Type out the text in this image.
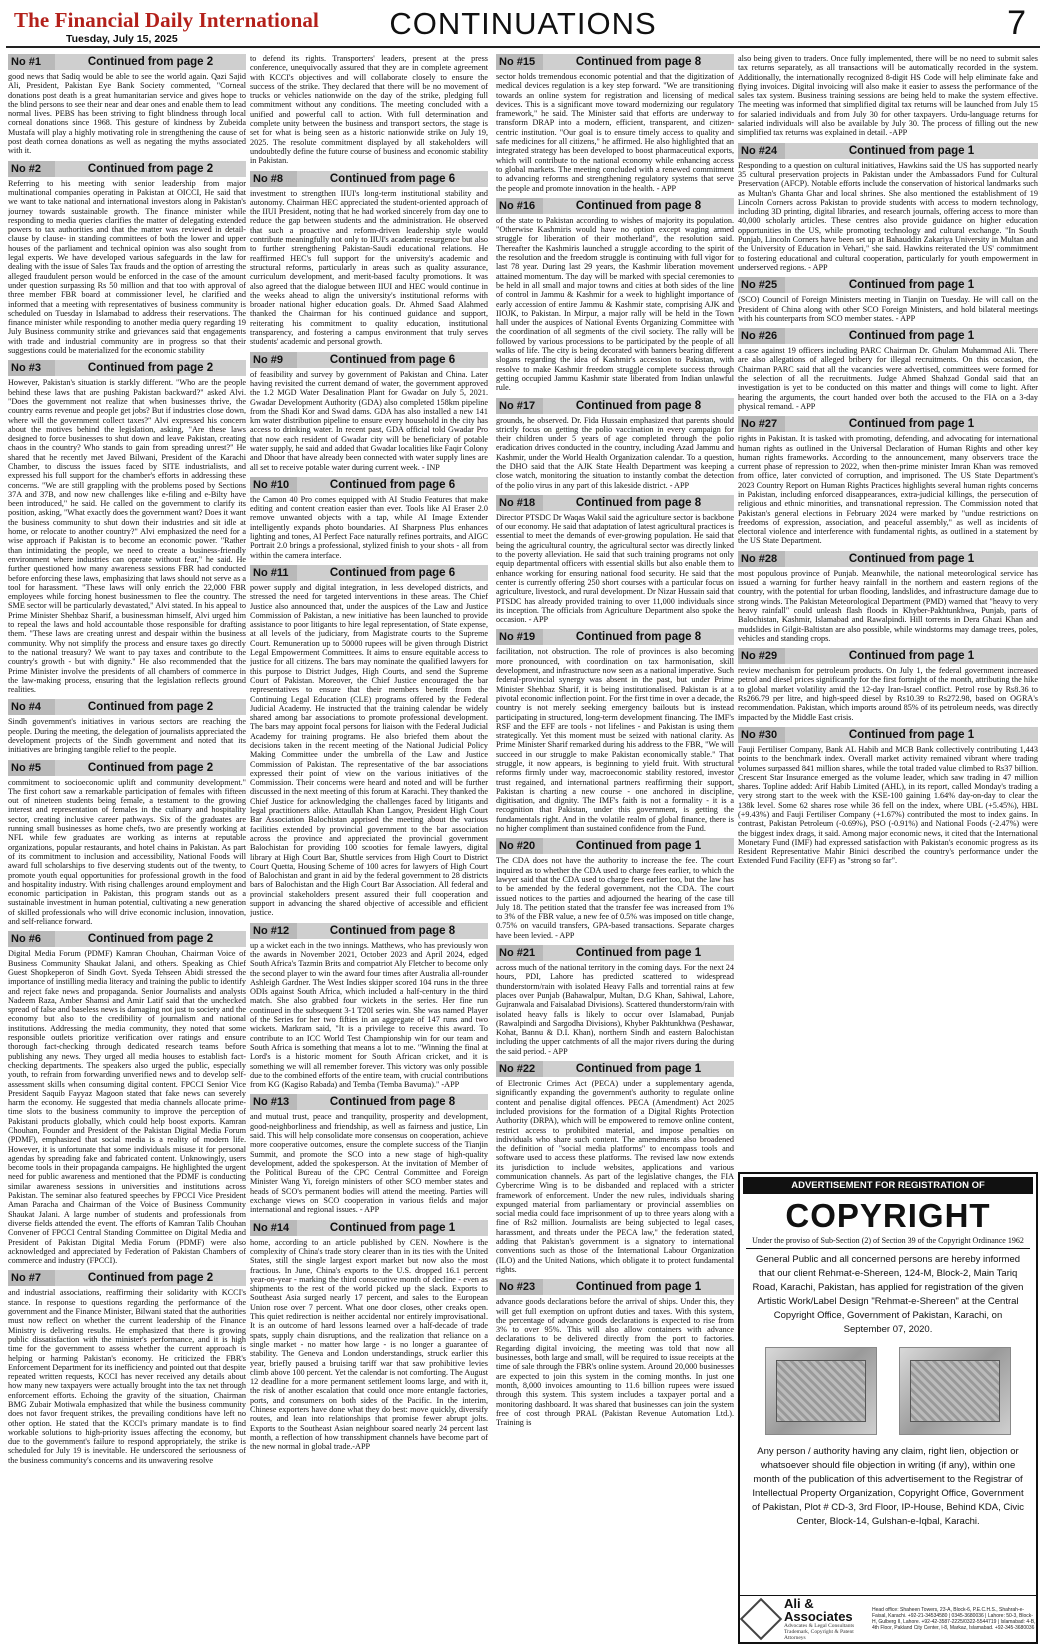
The Financial Daily International
Tuesday, July 15, 2025	CONTINUATIONS	7
No #1	Continued from page 2

good news that Sadiq would be able to see the world again. Qazi Sajid Ali, President, Pakistan Eye Bank Society commented, "Corneal donations post death is a great humanitarian service and gives hope to the blind persons to see their near and dear ones and enable them to lead normal lives. PEBS has been striving to fight blindness through local corneal donations since 1968. This gesture of kindness by Zubeida Mustafa will play a highly motivating role in strengthening the cause of post death cornea donations as well as negating the myths associated with it.

No #2	Continued from page 2

Referring to his meeting with senior leadership from major multinational companies operating in Pakistan at OICCI, He said that we want to take national and international investors along in Pakistan's journey towards sustainable growth. The finance minister while responding to media queries clarifies the matter of delegating extended powers to tax authorities and that the matter was reviewed in detail- clause by clause- in standing committees of both the lower and upper houses of the parliament and technical opinion was also sought from legal experts. We have developed various safeguards in the law for dealing with the issue of Sales Tax frauds and the option of arresting the alleged fraudulent person would be enforced in the case of the amount under question surpassing Rs 50 million and that too with approval of three member FBR board at commissioner level, he clarified and informed that a meeting with representatives of business community is scheduled on Tuesday in Islamabad to address their reservations. The finance minister while responding to another media query regarding 19 July Business community strike and grievances said that engagements with trade and industrial community are in progress so that their suggestions could be materialized for the economic stability

No #3	Continued from page 2

However, Pakistan's situation is starkly different. "Who are the people behind these laws that are pushing Pakistan backward?" asked Alvi. "Does the government not realize that when businesses thrive, the country earns revenue and people get jobs? But if industries close down, where will the government collect taxes?" Alvi expressed his concern about the motives behind the legislation, asking, "Are these laws designed to force businesses to shut down and leave Pakistan, creating chaos in the country? Who stands to gain from spreading unrest?" He shared that he recently met Javed Bilwani, President of the Karachi Chamber, to discuss the issues faced by SITE industrialists, and expressed his full support for the chamber's efforts in addressing these concerns. "We are still grappling with the problems posed by Sections 37A and 37B, and now new challenges like e-filing and e-Bilty have been introduced," he said. He called on the government to clarify its position, asking, "What exactly does the government want? Does it want the business community to shut down their industries and sit idle at home, or relocate to another country?" Alvi emphasized the need for a wise approach if Pakistan is to become an economic power. "Rather than intimidating the people, we need to create a business-friendly environment where industries can operate without fear," he said. He further questioned how many awareness sessions FBR had conducted before enforcing these laws, emphasizing that laws should not serve as a tool for harassment. "These laws will only enrich the 22,000 FBR employees while forcing honest businessmen to flee the country. The SME sector will be particularly devastated," Alvi stated. In his appeal to Prime Minister Shehbaz Sharif, a businessman himself, Alvi urged him to repeal the laws and hold accountable those responsible for drafting them. "These laws are creating unrest and despair within the business community. Why not simplify the process and ensure taxes go directly to the national treasury? We want to pay taxes and contribute to the country's growth - but with dignity." He also recommended that the Prime Minister involve the presidents of all chambers of commerce in the law-making process, ensuring that the legislation reflects ground realities.

No #4	Continued from page 2

Sindh government's initiatives in various sectors are reaching the people. During the meeting, the delegation of journalists appreciated the development projects of the Sindh government and noted that its initiatives are bringing tangible relief to the people.

No #5	Continued from page 2

commitment to socioeconomic uplift and community development." The first cohort saw a remarkable participation of females with fifteen out of nineteen students being female, a testament to the growing interest and representation of females in the culinary and hospitality sector, creating inclusive career pathways. Six of the graduates are running small businesses as home chefs, two are presently working at NFL while few graduates are working as interns at reputable organizations, popular restaurants, and hotel chains in Pakistan. As part of its commitment to inclusion and accessibility, National Foods will award full scholarships to five deserving students out of the twenty, to promote youth equal opportunities for professional growth in the food and hospitality industry. With rising challenges around employment and economic participation in Pakistan, this program stands out as a sustainable investment in human potential, cultivating a new generation of skilled professionals who will drive economic inclusion, innovation, and self-reliance forward.

No #6	Continued from page 2

Digital Media Forum (PDMF) Kamran Chouhan, Chairman Voice of Business Community Shaukat Jalani, and others. Speaking as Chief Guest Shopkeperon of Sindh Govt. Syeda Tehseen Abidi stressed the importance of instilling media literacy and training the public to identify and reject fake news and propaganda. Senior Journalists and analysts Nadeem Raza, Amber Shamsi and Amir Latif said that the unchecked spread of false and baseless news is damaging not just to society and the economy but also to the credibility of journalism and national institutions. Addressing the media community, they noted that some responsible outlets prioritize verification over ratings and ensure thorough fact-checking through dedicated research teams before publishing any news. They urged all media houses to establish fact-checking departments. The speakers also urged the public, especially youth, to refrain from forwarding unverified news and to develop self-assessment skills when consuming digital content. FPCCI Senior Vice President Saquib Fayyaz Magoon stated that fake news can severely harm the economy. He suggested that media channels allocate prime-time slots to the business community to improve the perception of Pakistani products globally, which could help boost exports. Kamran Chouhan, Founder and President of the Pakistan Digital Media Forum (PDMF), emphasized that social media is a reality of modern life. However, it is unfortunate that some individuals misuse it for personal agendas by spreading fake and fabricated content. Unknowingly, users become tools in their propaganda campaigns. He highlighted the urgent need for public awareness and mentioned that the PDMF is conducting similar awareness sessions in universities and institutions across Pakistan. The seminar also featured speeches by FPCCI Vice President Aman Paracha and Chairman of the Voice of Business Community Shaukat Jalani. A large number of students and professionals from diverse fields attended the event. The efforts of Kamran Talib Chouhan Convener of FPCCI Central Standing Committee on Digital Media and President of Pakistan Digital Media Forum (PDMF) were also acknowledged and appreciated by Federation of Pakistan Chambers of commerce and industry (FPCCI).

No #7	Continued from page 2

and industrial associations, reaffirming their solidarity with KCCI's stance. In response to questions regarding the performance of the government and the Finance Minister, Bilwani stated that the authorities must now reflect on whether the current leadership of the Finance Ministry is delivering results. He emphasized that there is growing public dissatisfaction with the minister's performance, and it is high time for the government to assess whether the current approach is helping or harming Pakistan's economy. He criticized the FBR's Enforcement Department for its inefficiency and pointed out that despite repeated written requests, KCCI has never received any details about how many new taxpayers were actually brought into the tax net through enforcement efforts. Echoing the gravity of the situation, Chairman BMG Zubair Motiwala emphasized that while the business community does not favor frequent strikes, the prevailing conditions have left no other option. He stated that the KCCI's primary mandate is to find workable solutions to high-priority issues affecting the economy, but due to the government's failure to respond appropriately, the strike is scheduled for July 19 is inevitable. He underscored the seriousness of the business community's concerns and its unwavering resolve

to defend its rights. Transporters' leaders, present at the press conference, unequivocally assured that they are in complete agreement with KCCI's objectives and will collaborate closely to ensure the success of the strike. They declared that there will be no movement of trucks or vehicles nationwide on the day of the strike, pledging full commitment without any conditions. The meeting concluded with a unified and powerful call to action. With full determination and complete unity between the business and transport sectors, the stage is set for what is being seen as a historic nationwide strike on July 19, 2025. The resolute commitment displayed by all stakeholders will undoubtedly define the future course of business and economic stability in Pakistan.

No #8	Continued from page 6

investment to strengthen IIUI's long-term institutional stability and autonomy. Chairman HEC appreciated the student-oriented approach of the IIUI President, noting that he had worked sincerely from day one to reduce the gap between students and the administration. He observed that such a proactive and reform-driven leadership style would contribute meaningfully not only to IIUI's academic resurgence but also to further strengthening Pakistan-Saudi educational relations. He reaffirmed HEC's full support for the university's academic and structural reforms, particularly in areas such as quality assurance, curriculum development, and merit-based faculty promotions. It was also agreed that the dialogue between IIUI and HEC would continue in the weeks ahead to align the university's institutional reforms with broader national higher education goals. Dr. Ahmed Saad Alahmed thanked the Chairman for his continued guidance and support, reiterating his commitment to quality education, institutional transparency, and fostering a campus environment that truly serves students' academic and personal growth.

No #9	Continued from page 6

of feasibility and survey by government of Pakistan and China. Later having revisited the current demand of water, the government approved the 1.2 MGD Water Desalination Plant for Gwadar on July 5, 2021. Gwadar Development Authority (GDA) also completed 158km pipeline from the Shadi Kor and Swad dams. GDA has also installed a new 141 km water distribution pipeline to ensure every household in the city has access to drinking water. In recent past, GDA official told Gwadar Pro that now each resident of Gwadar city will be beneficiary of potable water supply, he said and added that Gwadar localities like Faqir Colony and Dhoor that have already been connected with water supply lines are all set to receive potable water during current week. - INP

No #10	Continued from page 6

the Camon 40 Pro comes equipped with AI Studio Features that make editing and content creation easier than ever. Tools like AI Eraser 2.0 remove unwanted objects with a tap, while AI Image Extender intelligently expands photo boundaries. AI Sharpness Plus enhances lighting and tones, AI Perfect Face naturally refines portraits, and AIGC Portrait 2.0 brings a professional, stylized finish to your shots - all from within the camera interface.

No #11	Continued from page 6

power supply and digital integration, in less developed districts, and stressed the need for targeted interventions in these areas. The Chief Justice also announced that, under the auspices of the Law and Justice Commission of Pakistan, a new initiative has been launched to provide assistance to poor litigants to hire legal representation, of State expense, at all levels of the judiciary, from Magistrate courts to the Supreme Court. Remuneration up to 50000 rupees will be given through District Legal Empowerment Committees. It aims to ensure equitable access to justice for all citizens. The bars may nominate the qualified lawyers for this purpose to District Judges, High Courts, and send the Supreme Court of Pakistan. Moreover, the Chief Justice encouraged the bar representatives to ensure that their members benefit from the Continuing Legal Education (CLE) programs offered by the Federal Judicial Academy. He instructed that the training calendar be widely shared among bar associations to promote professional development. The bars may appoint focal persons for liaison with the Federal Judicial Academy for training programs. He also briefed them about the decisions taken in the recent meeting of the National Judicial Policy Making Committee under the umbrella of the Law and Justice Commission of Pakistan. The representative of the bar associations expressed their point of view on the various initiatives of the Commission. Their concerns were heard and noted and will be further discussed in the next meeting of this forum at Karachi. They thanked the Chief Justice for acknowledging the challenges faced by litigants and legal practitioners alike. Attaullah Khan Langov, President High Court Bar Association Balochistan apprised the meeting about the various facilities extended by provincial government to the bar association across the province and appreciated the provincial government Balochistan for providing 100 scooties for female lawyers, digital library at High Court Bar, Shuttle services from High Court to District Court Quetta, Housing Scheme of 100 acres for lawyers of High Court of Balochistan and grant in aid by the federal government to 28 districts bars of Balochistan and the High Court Bar Association. All federal and provincial stakeholders present assured their full cooperation and support in advancing the shared objective of accessible and efficient justice.

No #12	Continued from page 8

up a wicket each in the two innings. Matthews, who has previously won the awards in November 2021, October 2023 and April 2024, edged South Africa's Tazmin Brits and compatriot Aly Fletcher to become only the second player to win the award four times after Australia all-rounder Ashleigh Gardner. The West Indies skipper scored 104 runs in the three ODIs against South Africa, which included a half-century in the third match. She also grabbed four wickets in the series. Her fine run continued in the subsequent 3-1 T20I series win. She was named Player of the Series for her two fifties in an aggregate of 147 runs and two wickets. Markram said, "It is a privilege to receive this award. To contribute to an ICC World Test Championship win for our team and South Africa is something that means a lot to me. "Winning the final at Lord's is a historic moment for South African cricket, and it is something we will all remember forever. This victory was only possible due to the combined efforts of the entire team, with crucial contributions from KG (Kagiso Rabada) and Temba (Temba Bavuma)." -APP

No #13	Continued from page 8

and mutual trust, peace and tranquility, prosperity and development, good-neighborliness and friendship, as well as fairness and justice, Lin said. This will help consolidate more consensus on cooperation, achieve more cooperative outcomes, ensure the complete success of the Tianjin Summit, and promote the SCO into a new stage of high-quality development, added the spokesperson. At the invitation of Member of the Political Bureau of the CPC Central Committee and Foreign Minister Wang Yi, foreign ministers of other SCO member states and heads of SCO's permanent bodies will attend the meeting. Parties will exchange views on SCO cooperation in various fields and major international and regional issues. - APP

No #14	Continued from page 1

home, according to an article published by CEN. Nowhere is the complexity of China's trade story clearer than in its ties with the United States, still the single largest export market but now also the most fractious. In June, China's exports to the U.S. dropped 16.1 percent year-on-year - marking the third consecutive month of decline - even as shipments to the rest of the world picked up the slack. Exports to Southeast Asia surged nearly 17 percent, and sales to the European Union rose over 7 percent. What one door closes, other creaks open. This quiet redirection is neither accidental nor entirely improvisational. It is an outcome of hard lessons learned over a half-decade of trade spats, supply chain disruptions, and the realization that reliance on a single market - no matter how large - is no longer a guarantee of stability. The Geneva and London understandings, struck earlier this year, briefly paused a bruising tariff war that saw prohibitive levies climb above 100 percent. Yet the calendar is not comforting. The August 12 deadline for a more permanent settlement looms large, and with it, the risk of another escalation that could once more entangle factories, ports, and consumers on both sides of the Pacific. In the interim, Chinese exporters have done what they do best: move quickly, diversify routes, and lean into relationships that promise fewer abrupt jolts. Exports to the Southeast Asian neighbour soared nearly 24 percent last month, a reflection of how transshipment channels have become part of the new normal in global trade.-APP

No #15	Continued from page 8

sector holds tremendous economic potential and that the digitization of medical devices regulation is a key step forward. "We are transitioning towards an online system for registration and licensing of medical devices. This is a significant move toward modernizing our regulatory framework," he said. The Minister said that efforts are underway to transform DRAP into a modern, efficient, transparent, and citizen-centric institution. "Our goal is to ensure timely access to quality and safe medicines for all citizens," he affirmed. He also highlighted that an integrated strategy has been developed to boost pharmaceutical exports, which will contribute to the national economy while enhancing access to global markets. The meeting concluded with a renewed commitment to advancing reforms and strengthening regulatory systems that serve the people and promote innovation in the health. - APP

No #16	Continued from page 8

of the state to Pakistan according to wishes of majority its population. "Otherwise Kashmiris would have no option except waging armed struggle for liberation of their motherland", the resolution said. Thereafter the Kashmiris launched a struggle according to the spirit of the resolution and the freedom struggle is continuing with full vigor for last 78 year. During last 29 years, the Kashmir liberation movement attained momentum. The day will be marked with special ceremonies to be held in all small and major towns and cities at both sides of the line of control in Jammu & Kashmir for a week to highlight importance of early accession of entire Jammu & Kashmir state, comprising AJK and IIOJK, to Pakistan. In Mirpur, a major rally will be held in the Town hall under the auspices of National Events Organizing Committee with the coordination of all segments of the civil society. The rally will be followed by various processions to be participated by the people of all walks of life. The city is being decorated with banners bearing different slogans regarding the idea of Kashmir's accession to Pakistan, with resolve to make Kashmir freedom struggle complete success through getting occupied Jammu Kashmir state liberated from Indian unlawful rule.

No #17	Continued from page 8

grounds, he observed. Dr. Fida Hussain emphasized that parents should strictly focus on getting the polio vaccination in every campaign for their children under 5 years of age completed through the polio eradication drives conducted in the country, including Azad Jammu and Kashmir, under the World Health Organization calendar. To a question, the DHO said that the AJK State Health Department was keeping a close watch, monitoring the situation to instantly combat the detection of the polio virus in any part of this lakeside district. - APP

No #18	Continued from page 8

Director PTSDC Dr Waqas Wakil said the agriculture sector is backbone of our economy. He said that adaptation of latest agricultural practices is essential to meet the demands of ever-growing population. He said that being the agricultural country, the agricultural sector was directly linked to the poverty alleviation. He said that such training programs not only equip departmental officers with essential skills but also enable them to enhance working for ensuring national food security. He said that the center is currently offering 250 short courses with a particular focus on agriculture, livestock, and rural development. Dr Nizar Hussain said that PTSDC has already provided training to over 11,000 individuals since its inception. The officials from Agriculture Department also spoke the occasion. - APP

No #19	Continued from page 8

facilitation, not obstruction. The role of provinces is also becoming more pronounced, with coordination on tax harmonisation, skill development, and infrastructure now seen as a national imperative. Such federal-provincial synergy was absent in the past, but under Prime Minister Shehbaz Sharif, it is being institutionalised. Pakistan is at a pivotal economic inflection point. For the first time in over a decade, the country is not merely seeking emergency bailouts but is instead participating in structured, long-term development financing. The IMF's RSF and the EFF are tools - not lifelines - and Pakistan is using them strategically. Yet this moment must be seized with national clarity. As Prime Minister Sharif remarked during his address to the FBR, "We will succeed in our struggle to make Pakistan economically stable." That struggle, it now appears, is beginning to yield fruit. With structural reforms firmly under way, macroeconomic stability restored, investor trust regained, and international partners reaffirming their support, Pakistan is charting a new course - one anchored in discipline, digitisation, and dignity. The IMF's faith is not a formality - it is a recognition that Pakistan, under this government, is getting the fundamentals right. And in the volatile realm of global finance, there is no higher compliment than sustained confidence from the Fund.

No #20	Continued from page 1

The CDA does not have the authority to increase the fee. The court inquired as to whether the CDA used to charge fees earlier, to which the lawyer said that the CDA used to charge fees earlier too, but the law has to be amended by the federal government, not the CDA. The court issued notices to the parties and adjourned the hearing of the case till July 18. The petition stated that the transfer fee was increased from 1% to 3% of the FBR value, a new fee of 0.5% was imposed on title change, 0.75% on vacuild transfers, GPA-based transactions. Separate charges have been levied. - APP

No #21	Continued from page 1

across much of the national territory in the coming days. For the next 24 hours, PDI, Lahore has predicted scattered to widespread thunderstorm/rain with isolated Heavy Falls and torrential rains at few places over Punjab (Bahawalpur, Multan, D.G Khan, Sahiwal, Lahore, Gujranwala and Faisalabad Divisions). Scattered thunderstorm/rain with isolated heavy falls is likely to occur over Islamabad, Punjab (Rawalpindi and Sargodha Divisions), Khyber Pakhtunkhwa (Peshawar, Kohat, Bannu & D.I. Khan), northern Sindh and eastern Balochistan including the upper catchments of all the major rivers during the during the said period. - APP

No #22	Continued from page 1

of Electronic Crimes Act (PECA) under a supplementary agenda, significantly expanding the government's authority to regulate online content and penalise digital offences. PECA (Amendment) Act 2025 included provisions for the formation of a Digital Rights Protection Authority (DRPA), which will be empowered to remove online content, restrict access to prohibited material, and impose penalties on individuals who share such content. The amendments also broadened the definition of "social media platforms" to encompass tools and software used to access these platforms. The revised law now extends its jurisdiction to include websites, applications and various communication channels. As part of the legislative changes, the FIA Cybercrime Wing is to be disbanded and replaced with a stricter framework of enforcement. Under the new rules, individuals sharing expunged material from parliamentary or provincial assemblies on social media could face imprisonment of up to three years along with a fine of Rs2 million. Journalists are being subjected to legal cases, harassment, and threats under the PECA law," the federation stated, adding that Pakistan's government is a signatory to international conventions such as those of the International Labour Organization (ILO) and the United Nations, which obligate it to protect fundamental rights.

No #23	Continued from page 1

advance goods declarations before the arrival of ships. Under this, they will get full exemption on upfront duties and taxes. With this system, the percentage of advance goods declarations is expected to rise from 3% to over 95%. This will also allow containers with advance declarations to be delivered directly from the port to factories. Regarding digital invoicing, the meeting was told that now all businesses, both large and small, will be required to issue receipts at the time of sale through the FBR's online system. Around 20,000 businesses are expected to join this system in the coming months. In just one month, 8,000 invoices amounting to 11.6 billion rupees were issued through this system. This system includes a taxpayer portal and a monitoring dashboard. It was shared that businesses can join the system free of cost through PRAL (Pakistan Revenue Automation Ltd.). Training is

also being given to traders. Once fully implemented, there will be no need to submit sales tax returns separately, as all transactions will be automatically recorded in the system. Additionally, the internationally recognized 8-digit HS Code will help eliminate fake and flying invoices. Digital invoicing will also make it easier to assess the performance of the sales tax system. Business training sessions are being held to make the system effective. The meeting was informed that simplified digital tax returns will be launched from July 15 for salaried individuals and from July 30 for other taxpayers. Urdu-language returns for salaried individuals will also be available by July 30. The process of filling out the new simplified tax returns was explained in detail. -APP

No #24	Continued from page 1

Responding to a question on cultural initiatives, Hawkins said the US has supported nearly 35 cultural preservation projects in Pakistan under the Ambassadors Fund for Cultural Preservation (AFCP). Notable efforts include the conservation of historical landmarks such as Multan's Ghanta Ghar and local shrines. She also mentioned the establishment of 19 Lincoln Corners across Pakistan to provide students with access to modern technology, including 3D printing, digital libraries, and research journals, offering access to more than 40,000 scholarly articles. These centres also provide guidance on higher education opportunities in the US, while promoting technology and cultural exchange. "In South Punjab, Lincoln Corners have been set up at Bahauddin Zakariya University in Multan and the University of Education in Vehari," she said. Hawkins reiterated the US' commitment to fostering educational and cultural cooperation, particularly for youth empowerment in underserved regions. - APP

No #25	Continued from page 1

(SCO) Council of Foreign Ministers meeting in Tianjin on Tuesday. He will call on the President of China along with other SCO Foreign Ministers, and hold bilateral meetings with his counterparts from SCO member states. - APP

No #26	Continued from page 1

a case against 19 officers including PARC Chairman Dr. Ghulam Muhammad Ali. There are also allegations of alleged bribery for illegal recruitments. On this occasion, the Chairman PARC said that all the vacancies were advertised, committees were formed for the selection of all the recruitments. Judge Ahmed Shahzad Gondal said that an investigation is yet to be conducted on this matter and things will come to light. After hearing the arguments, the court handed over both the accused to the FIA on a 3-day physical remand. - APP

No #27	Continued from page 1

rights in Pakistan. It is tasked with promoting, defending, and advocating for international human rights as outlined in the Universal Declaration of Human Rights and other key human rights frameworks. According to the announcement, many observers trace the current phase of repression to 2022, when then-prime minister Imran Khan was removed from office, later convicted of corruption, and imprisoned. The US State Department's 2023 Country Report on Human Rights Practices highlights several human rights concerns in Pakistan, including enforced disappearances, extra-judicial killings, the persecution of religious and ethnic minorities, and transnational repression. The Commission noted that Pakistan's general elections in February 2024 were marked by "undue restrictions on freedoms of expression, association, and peaceful assembly," as well as incidents of electoral violence and interference with fundamental rights, as outlined in a statement by the US State Department.

No #28	Continued from page 1

most populous province of Punjab. Meanwhile, the national meteorological service has issued a warning for further heavy rainfall in the northern and eastern regions of the country, with the potential for urban flooding, landslides, and infrastructure damage due to strong winds. The Pakistan Meteorological Department (PMD) warned that "heavy to very heavy rainfall" could unleash flash floods in Khyber-Pakhtunkhwa, Punjab, parts of Balochistan, Kashmir, Islamabad and Rawalpindi. Hill torrents in Dera Ghazi Khan and mudslides in Gilgit-Baltistan are also possible, while windstorms may damage trees, poles, vehicles and standing crops.

No #29	Continued from page 1

review mechanism for petroleum products. On July 1, the federal government increased petrol and diesel prices significantly for the first fortnight of the month, attributing the hike to global market volatility amid the 12-day Iran-Israel conflict. Petrol rose by Rs8.36 to Rs266.79 per litre, and high-speed diesel by Rs10.39 to Rs272.98, based on OGRA's recommendation. Pakistan, which imports around 85% of its petroleum needs, was directly impacted by the Middle East crisis.

No #30	Continued from page 1

Fauji Fertiliser Company, Bank AL Habib and MCB Bank collectively contributing 1,443 points to the benchmark index. Overall market activity remained vibrant where trading volumes surpassed 841 million shares, while the total traded value climbed to Rs37 billion. Crescent Star Insurance emerged as the volume leader, which saw trading in 47 million shares. Topline added: Arif Habib Limited (AHL), in its report, called Monday's trading a very strong start to the week with the KSE-100 gaining 1.64% day-on-day to clear the 138k level. Some 62 shares rose while 36 fell on the index, where UBL (+5.45%), HBL (+9.43%) and Fauji Fertiliser Company (+1.67%) contributed the most to index gains. In contrast, Pakistan Petroleum (-0.69%), PSO (-0.91%) and National Foods (-2.47%) were the biggest index drags, it said. Among major economic news, it cited that the International Monetary Fund (IMF) had expressed satisfaction with Pakistan's economic progress as its Resident Representative Mahir Binici described the country's performance under the Extended Fund Facility (EFF) as "strong so far".

ADVERTISEMENT FOR REGISTRATION OF
COPYRIGHT
Under the proviso of Sub-Section (2) of Section 39 of the Copyright Ordinance 1962
General Public and all concerned persons are hereby informed that our client Rehmat-e-Shereen, 124-M, Block-2, Main Tariq Road, Karachi, Pakistan, has applied for registration of the given Artistic Work/Label Design "Rehmat-e-Shereen" at the Central Copyright Office, Government of Pakistan, Karachi, on September 07, 2020.
Any person / authority having any claim, right lien, objection or whatsoever should file objection in writing (if any), within one month of the publication of this advertisement to the Registrar of Intellectual Property Organization, Copyright Office, Government of Pakistan, Plot # CD-3, 3rd Floor, IP-House, Behind KDA, Civic Center, Block-14, Gulshan-e-Iqbal, Karachi.
Ali & Associates
Advocates & Legal Consultants Trademark, Copyright & Patent Attorneys
Head office: Shaheen Towers, 23-A, Block-6, P.E.C.H.S., Shahrah-e-Faisal, Karachi. +92-21-34534580 | 0345-3680036 | Lahore: 50-3, Block-H, Gulberg II, Lahore. +92-42-3587-2225/0322-5544719 | Islamabad: 4-B, 4th Floor, Pakland City Center, I-8, Markaz, Islamabad. +92-345-3680036
